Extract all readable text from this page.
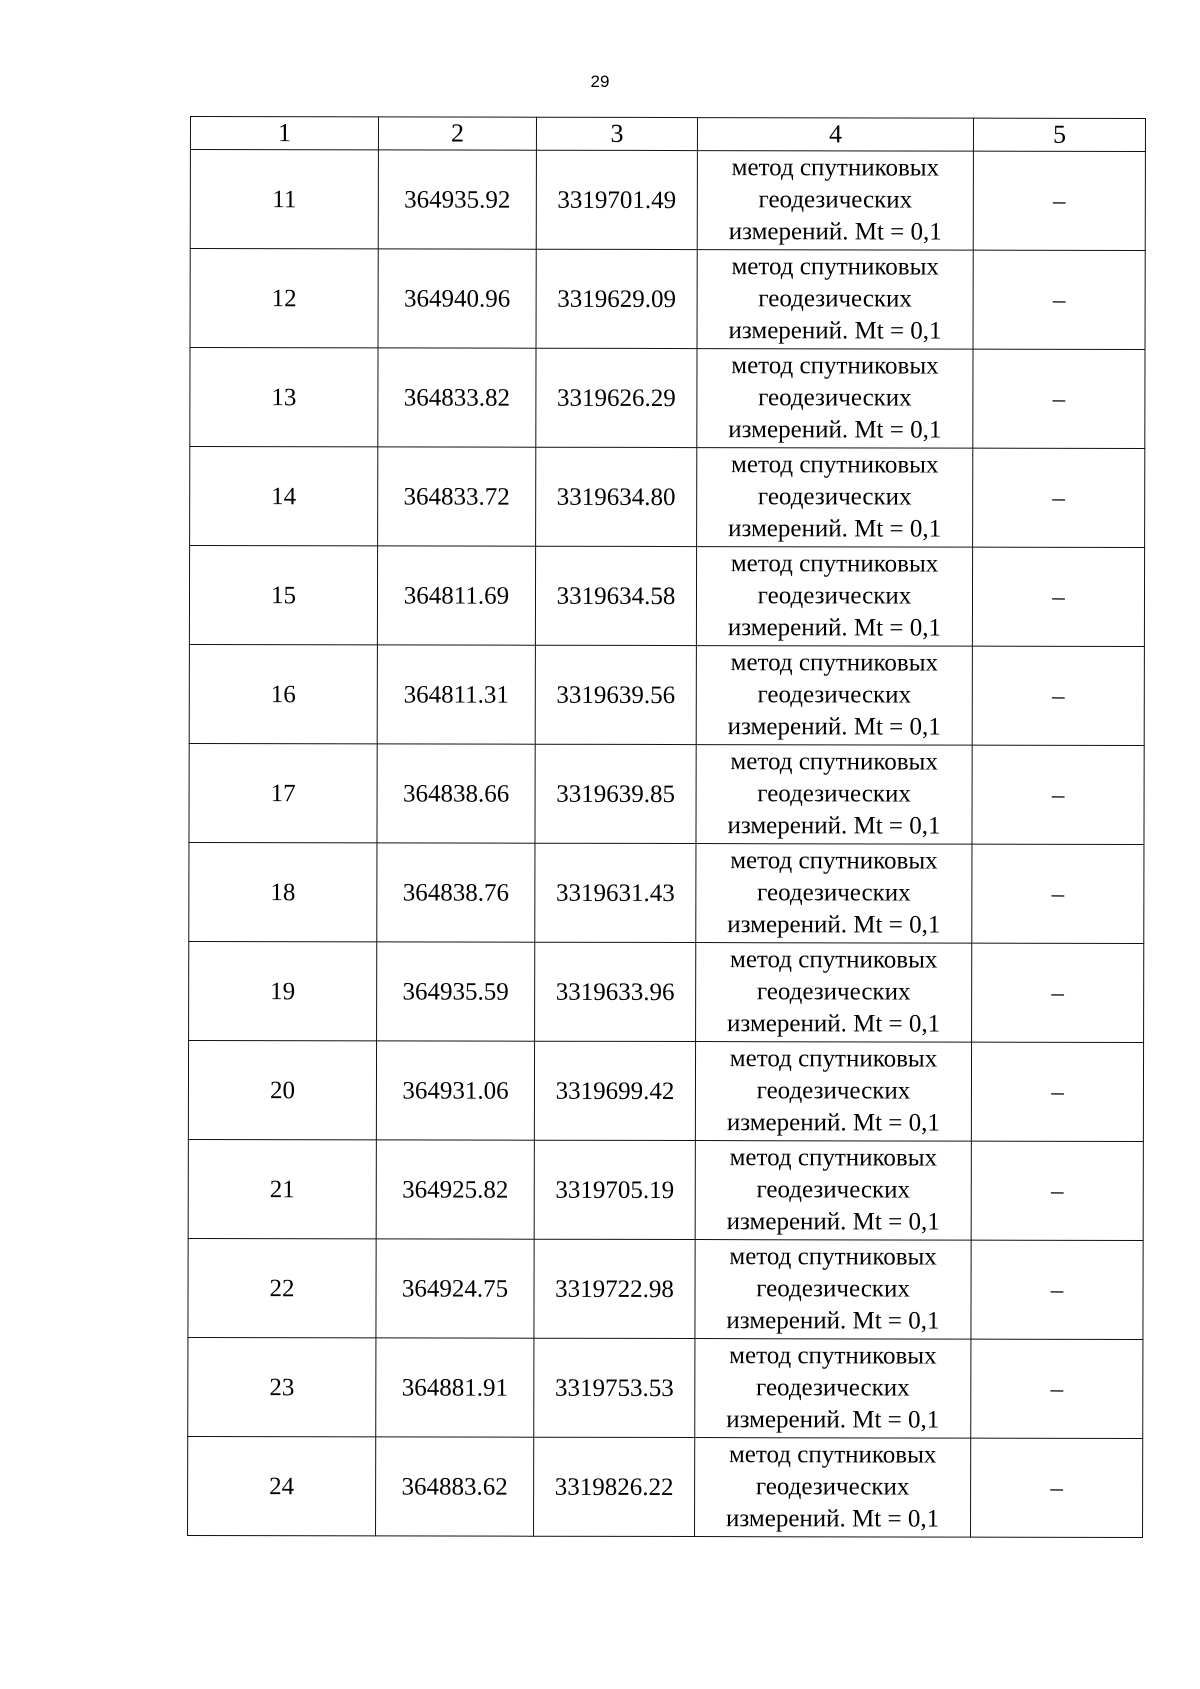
29
1	2	3	4	5
11	364935.92	3319701.49	метод спутниковых
геодезических
измерений. Mt = 0,1	–
12	364940.96	3319629.09	метод спутниковых
геодезических
измерений. Mt = 0,1	–
13	364833.82	3319626.29	метод спутниковых
геодезических
измерений. Mt = 0,1	–
14	364833.72	3319634.80	метод спутниковых
геодезических
измерений. Mt = 0,1	–
15	364811.69	3319634.58	метод спутниковых
геодезических
измерений. Mt = 0,1	–
16	364811.31	3319639.56	метод спутниковых
геодезических
измерений. Mt = 0,1	–
17	364838.66	3319639.85	метод спутниковых
геодезических
измерений. Mt = 0,1	–
18	364838.76	3319631.43	метод спутниковых
геодезических
измерений. Mt = 0,1	–
19	364935.59	3319633.96	метод спутниковых
геодезических
измерений. Mt = 0,1	–
20	364931.06	3319699.42	метод спутниковых
геодезических
измерений. Mt = 0,1	–
21	364925.82	3319705.19	метод спутниковых
геодезических
измерений. Mt = 0,1	–
22	364924.75	3319722.98	метод спутниковых
геодезических
измерений. Mt = 0,1	–
23	364881.91	3319753.53	метод спутниковых
геодезических
измерений. Mt = 0,1	–
24	364883.62	3319826.22	метод спутниковых
геодезических
измерений. Mt = 0,1	–
